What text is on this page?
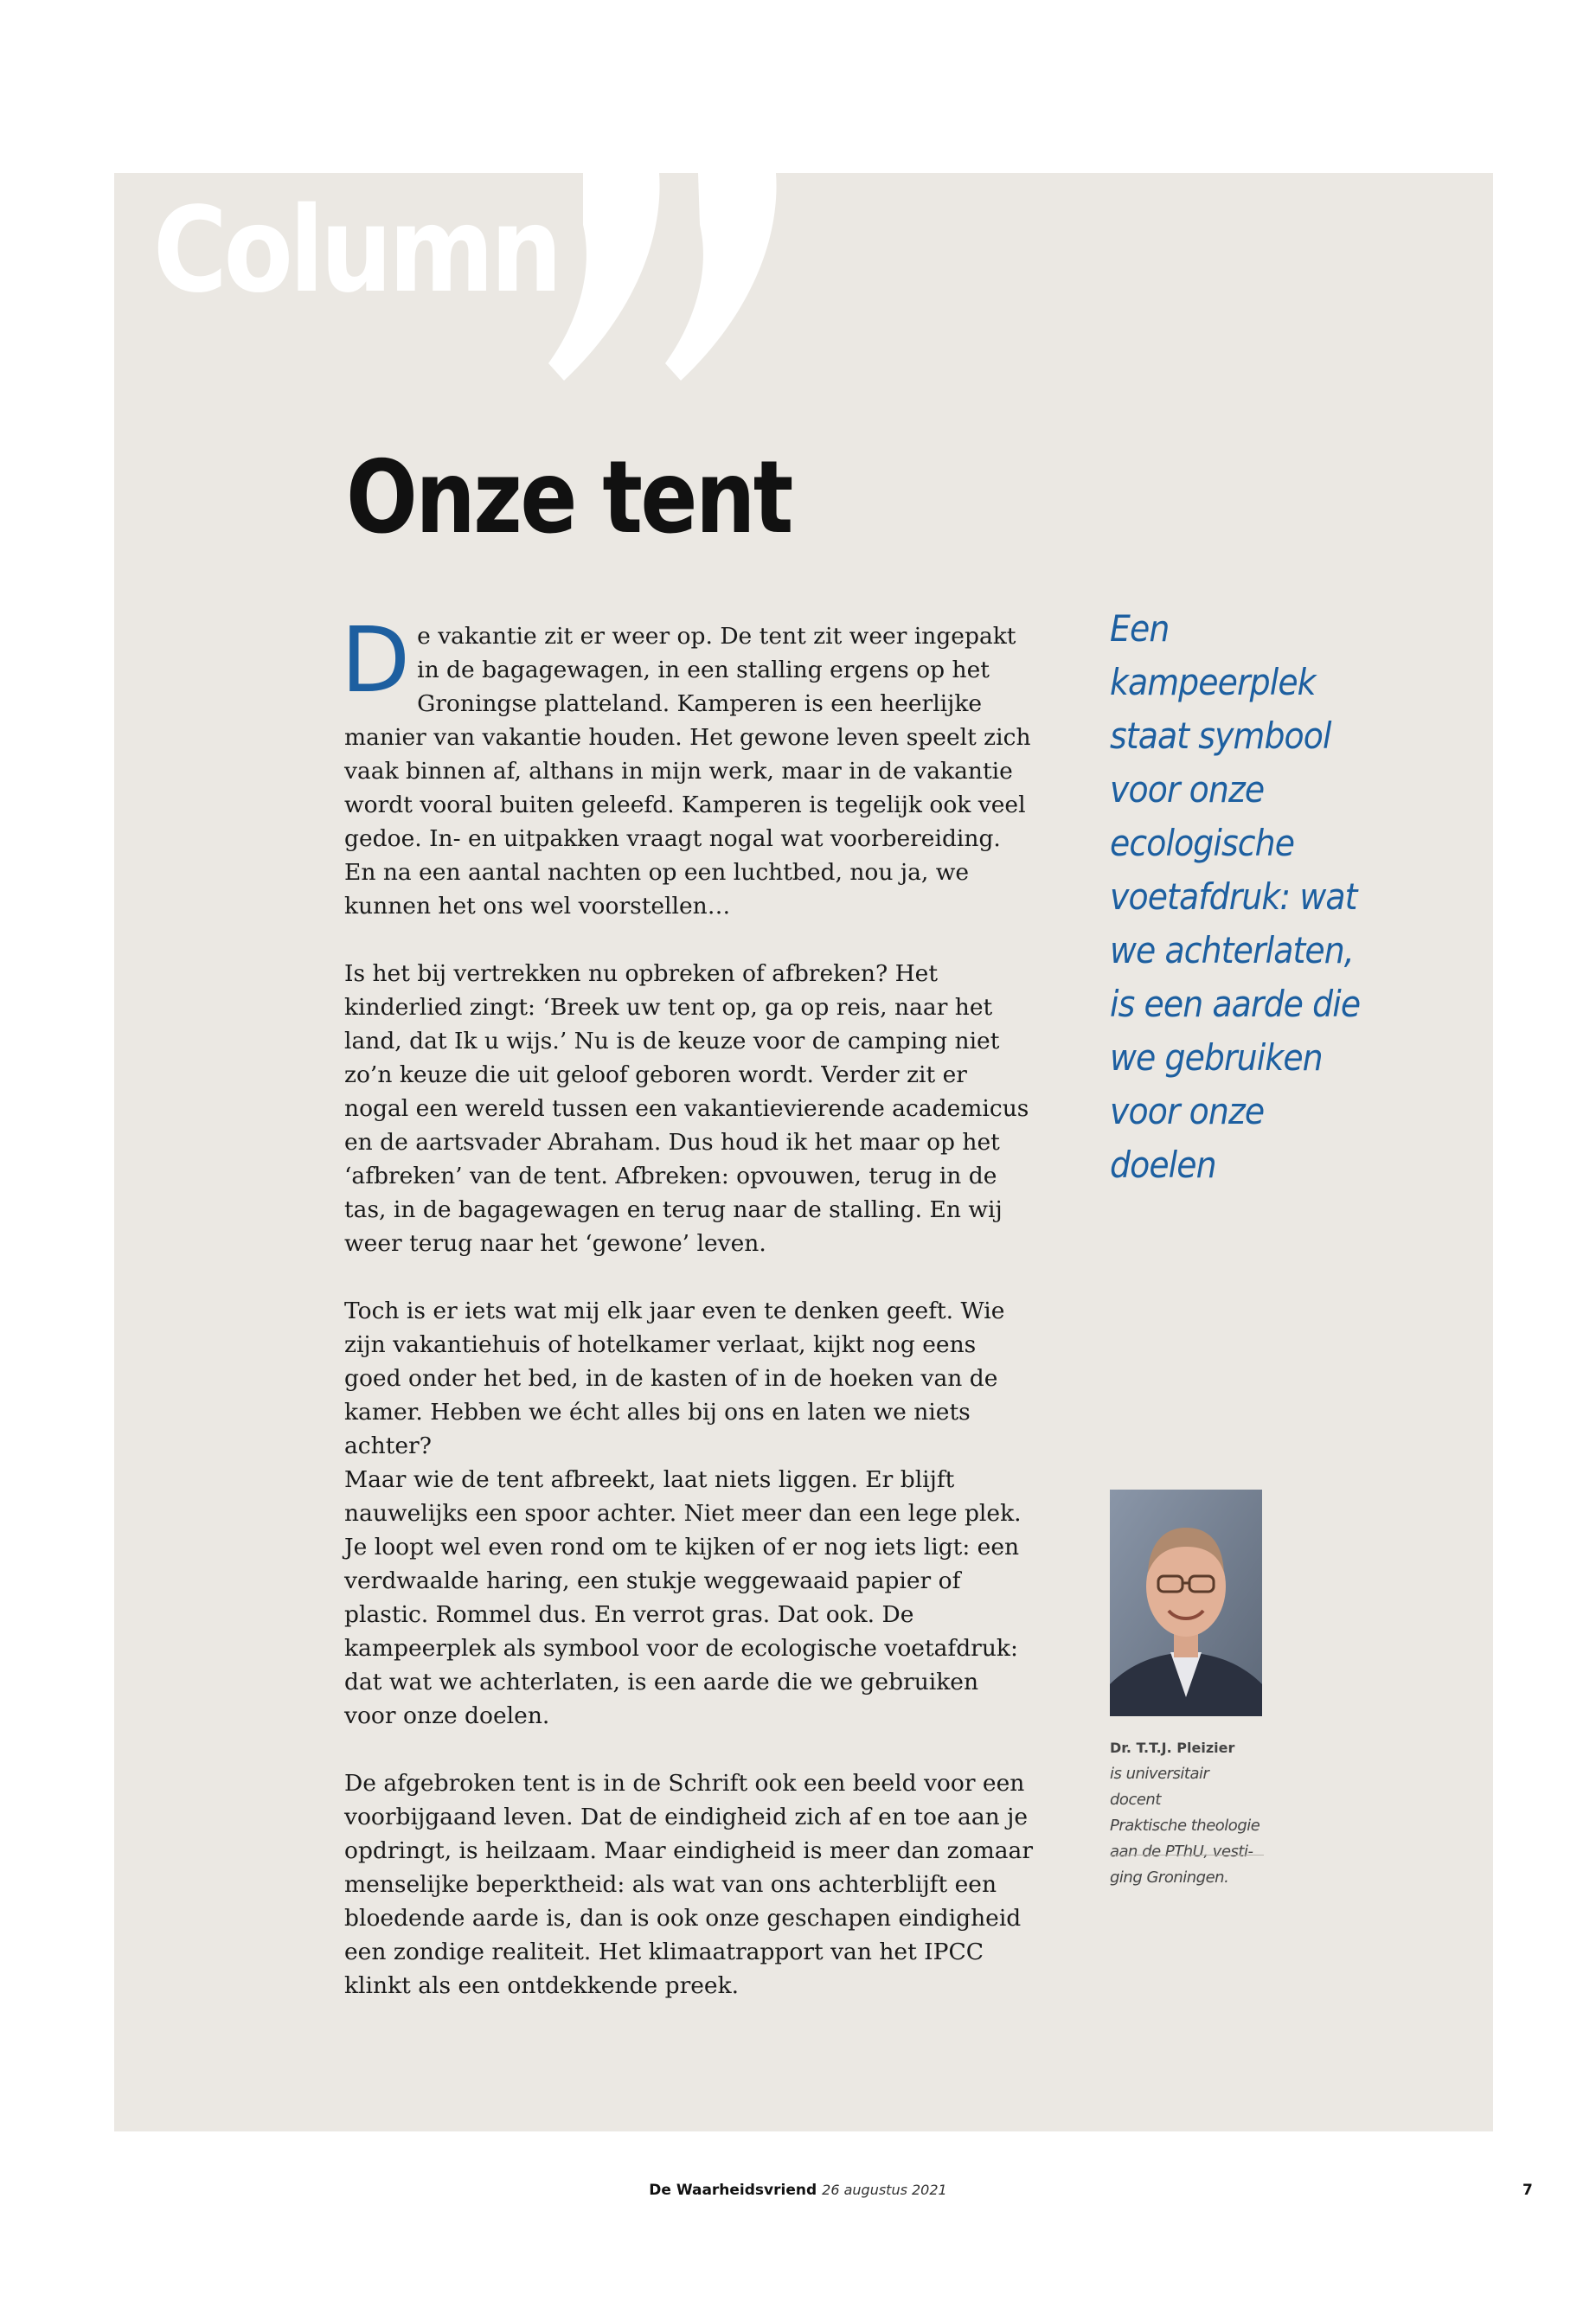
Column
Onze tent

De vakantie zit er weer op. De tent zit weer ingepakt in de bagagewagen, in een stalling ergens op het Groningse platteland. Kamperen is een heerlijke manier van vakantie houden. Het gewone leven speelt zich vaak binnen af, althans in mijn werk, maar in de vakantie wordt vooral buiten geleefd. Kamperen is tegelijk ook veel gedoe. In- en uitpakken vraagt nogal wat voorbereiding. En na een aantal nachten op een luchtbed, nou ja, we kunnen het ons wel voorstellen…

Is het bij vertrekken nu opbreken of afbreken? Het kinderlied zingt: ‘Breek uw tent op, ga op reis, naar het land, dat Ik u wijs.’ Nu is de keuze voor de camping niet zo’n keuze die uit geloof geboren wordt. Verder zit er nogal een wereld tussen een vakantievierende academicus en de aartsvader Abraham. Dus houd ik het maar op het ‘afbreken’ van de tent. Afbreken: opvouwen, terug in de tas, in de bagagewagen en terug naar de stalling. En wij weer terug naar het ‘gewone’ leven.

Toch is er iets wat mij elk jaar even te denken geeft. Wie zijn vakantiehuis of hotelkamer verlaat, kijkt nog eens goed onder het bed, in de kasten of in de hoeken van de kamer. Hebben we écht alles bij ons en laten we niets achter?

Maar wie de tent afbreekt, laat niets liggen. Er blijft nauwelijks een spoor achter. Niet meer dan een lege plek. Je loopt wel even rond om te kijken of er nog iets ligt: een verdwaalde haring, een stukje weggewaaid papier of plastic. Rommel dus. En verrot gras. Dat ook. De kampeerplek als symbool voor de ecologische voetafdruk: dat wat we achterlaten, is een aarde die we gebruiken voor onze doelen.

De afgebroken tent is in de Schrift ook een beeld voor een voorbijgaand leven. Dat de eindigheid zich af en toe aan je opdringt, is heilzaam. Maar eindigheid is meer dan zomaar menselijke beperktheid: als wat van ons achterblijft een bloedende aarde is, dan is ook onze geschapen eindigheid een zondige realiteit. Het klimaatrapport van het IPCC klinkt als een ontdekkende preek.

Een
kampeerplek
staat symbool
voor onze
ecologische
voetafdruk: wat
we achterlaten,
is een aarde die
we gebruiken
voor onze
doelen
Dr. T.T.J. Pleizier
is universitair docent
Praktische theologie
aan de PThU, vesti-
ging Groningen.
De Waarheidsvriend 26 augustus 2021	7
